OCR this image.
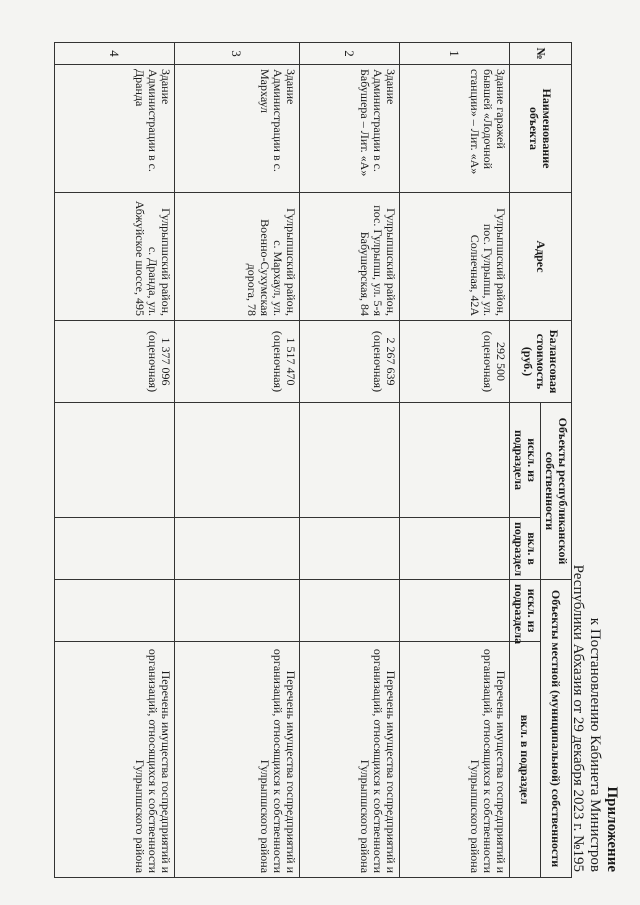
Приложение
к Постановлению Кабинета Министров
Республики Абхазия от 29 декабря 2023 г. №195
№	Наименование объекта	Адрес	Балансовая стоимость (руб.)	Объекты республиканской собственности		Объекты местной (муниципальной) собственности	
				искл. из подраздела	вкл. в подраздел	искл. из подраздела	вкл. в подраздел
1	Здание гаражей бывшей «Лодочной станции» – Лит. «А»	Гулрыпшский район, пос. Гулрыпш, ул. Солнечная, 42А	292 500 (оценочная)				Перечень имущества госпредприятий и организаций, относящихся к собственности Гулрыпшского района
2	Здание Администрации в с. Бабушера – Лит. «А»	Гулрыпшский район, пос. Гулрыпш, ул. 5-я Бабушерская, 84	2 267 639 (оценочная)				Перечень имущества госпредприятий и организаций, относящихся к собственности Гулрыпшского района
3	Здание Администрации в с. Мархаул	Гулрыпшский район, с. Мархаул, ул. Военно-Сухумская дорога, 78	1 517 470 (оценочная)				Перечень имущества госпредприятий и организаций, относящихся к собственности Гулрыпшского района
4	Здание Администрации в с. Драндa	Гулрыпшский район, с. Дранда, ул. Абжуйское шоссе, 495	1 377 096 (оценочная)				Перечень имущества госпредприятий и организаций, относящихся к собственности Гулрыпшского района
